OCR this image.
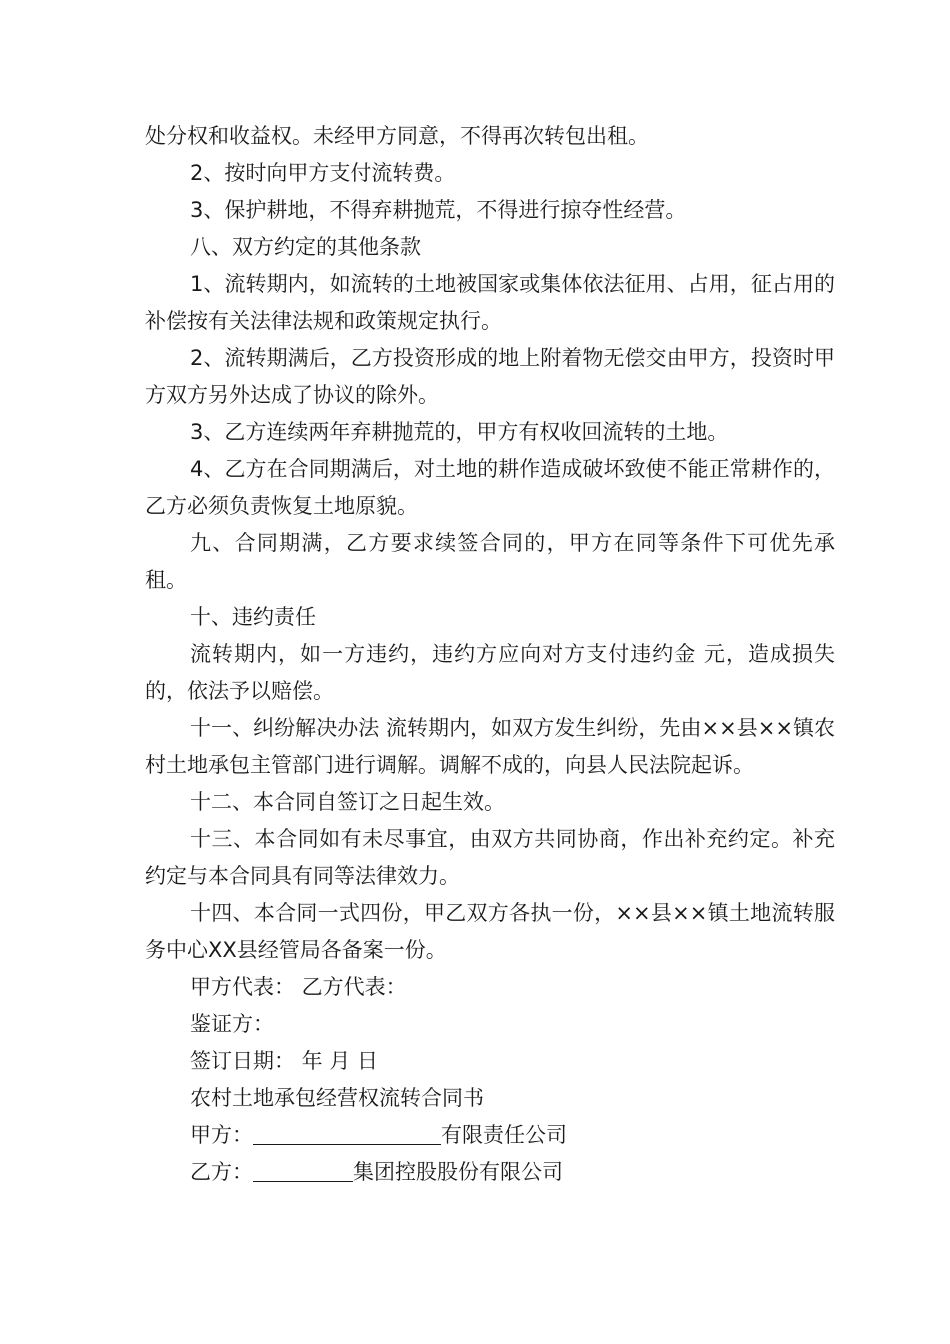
处分权和收益权。未经甲方同意，不得再次转包出租。

2、按时向甲方支付流转费。

3、保护耕地，不得弃耕抛荒，不得进行掠夺性经营。

八、双方约定的其他条款

1、流转期内，如流转的土地被国家或集体依法征用、占用，征占用的补偿按有关法律法规和政策规定执行。

2、流转期满后，乙方投资形成的地上附着物无偿交由甲方，投资时甲方双方另外达成了协议的除外。

3、乙方连续两年弃耕抛荒的，甲方有权收回流转的土地。

4、乙方在合同期满后，对土地的耕作造成破坏致使不能正常耕作的，乙方必须负责恢复土地原貌。

九、合同期满，乙方要求续签合同的，甲方在同等条件下可优先承租。

十、违约责任

流转期内，如一方违约，违约方应向对方支付违约金 元，造成损失的，依法予以赔偿。

十一、纠纷解决办法 流转期内，如双方发生纠纷，先由××县××镇农村土地承包主管部门进行调解。调解不成的，向县人民法院起诉。

十二、本合同自签订之日起生效。

十三、本合同如有未尽事宜，由双方共同协商，作出补充约定。补充约定与本合同具有同等法律效力。

十四、本合同一式四份，甲乙双方各执一份，××县××镇土地流转服务中心XX县经管局各备案一份。

甲方代表： 乙方代表：

鉴证方：

签订日期： 年 月 日

农村土地承包经营权流转合同书

甲方：	有限责任公司

乙方：	集团控股股份有限公司
